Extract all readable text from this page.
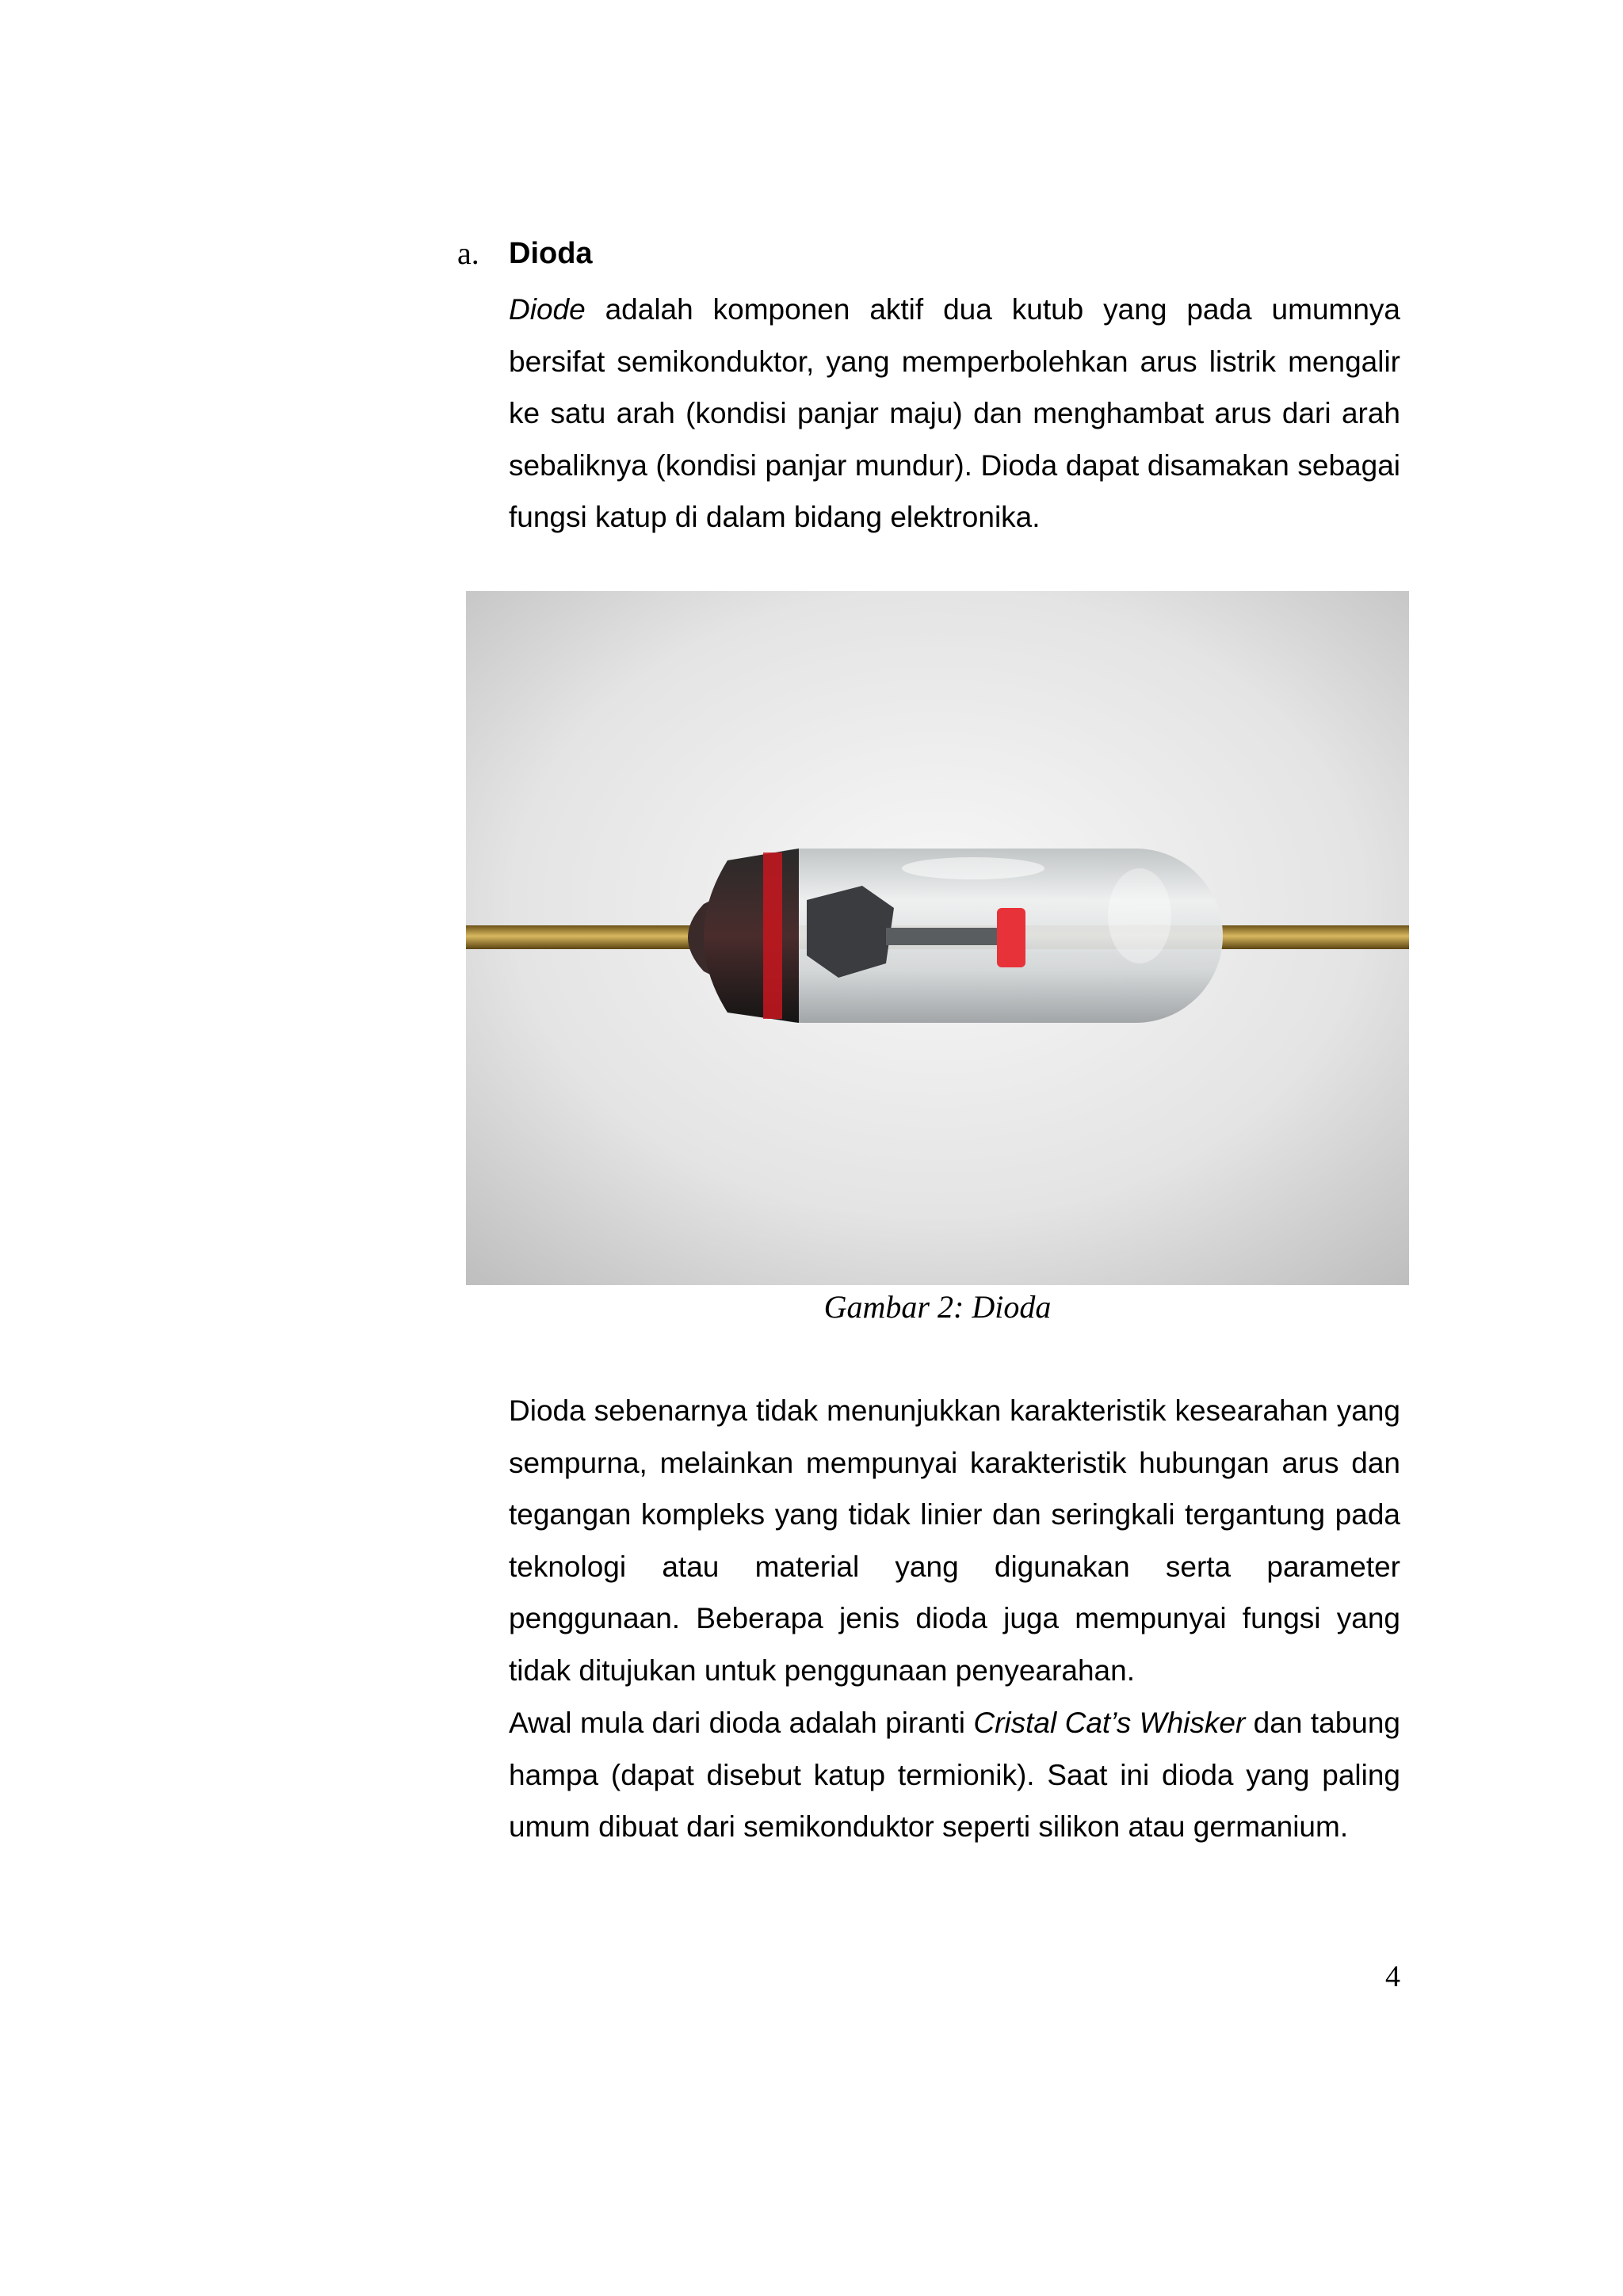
a. Dioda

Diode adalah komponen aktif dua kutub yang pada umumnya bersifat semikonduktor, yang memperbolehkan arus listrik mengalir ke satu arah (kondisi panjar maju) dan menghambat arus dari arah sebaliknya (kondisi panjar mundur). Dioda dapat disamakan sebagai fungsi katup di dalam bidang elektronika.

Gambar 2: Dioda

Dioda sebenarnya tidak menunjukkan karakteristik kesearahan yang sempurna, melainkan mempunyai karakteristik hubungan arus dan tegangan kompleks yang tidak linier dan seringkali tergantung pada teknologi atau material yang digunakan serta parameter penggunaan. Beberapa jenis dioda juga mempunyai fungsi yang tidak ditujukan untuk penggunaan penyearahan.

Awal mula dari dioda adalah piranti Cristal Cat’s Whisker dan tabung hampa (dapat disebut katup termionik). Saat ini dioda yang paling umum dibuat dari semikonduktor seperti silikon atau germanium.

4
